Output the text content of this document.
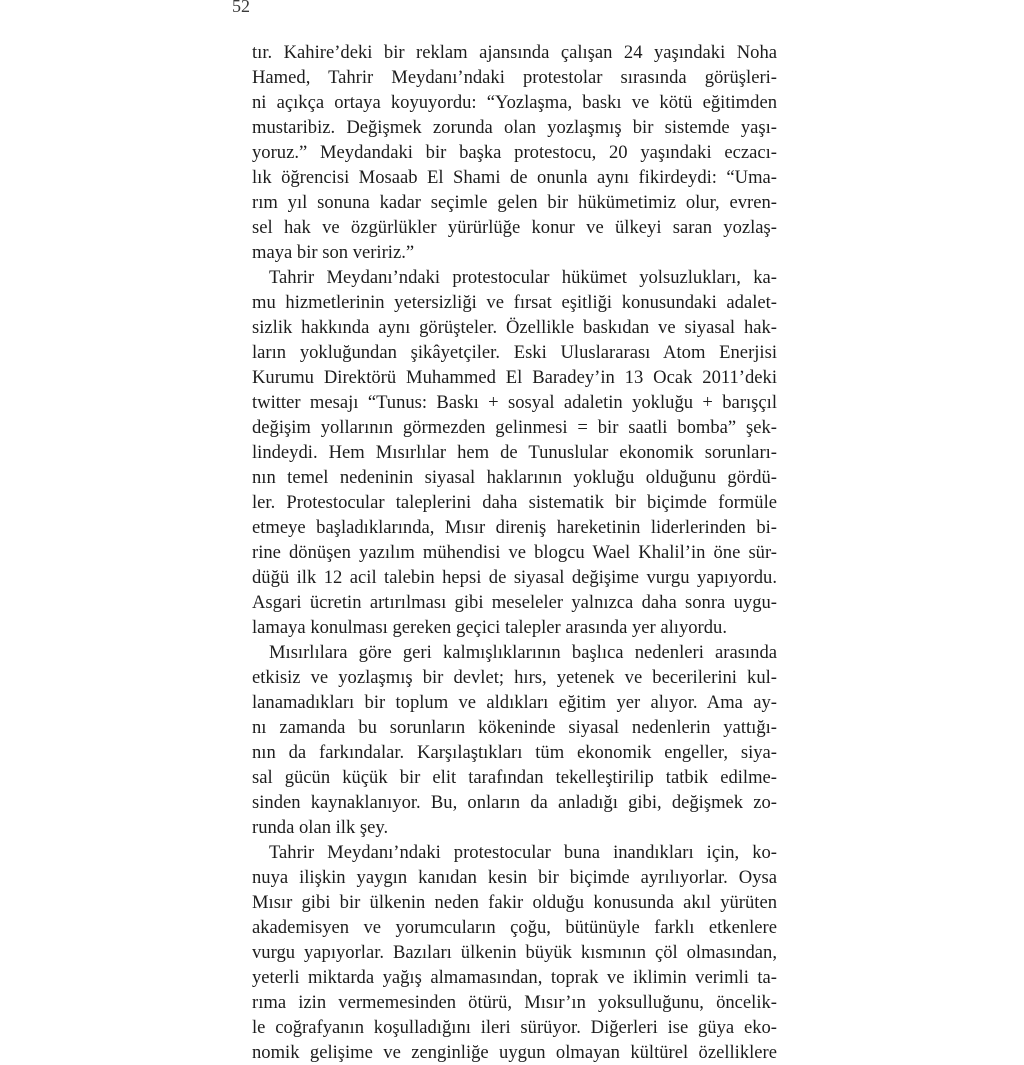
52
tır. Kahire’deki bir reklam ajansında çalışan 24 yaşındaki Noha
Hamed, Tahrir Meydanı’ndaki protestolar sırasında görüşleri-
ni açıkça ortaya koyuyordu: “Yozlaşma, baskı ve kötü eğitimden
mustaribiz. Değişmek zorunda olan yozlaşmış bir sistemde yaşı-
yoruz.” Meydandaki bir başka protestocu, 20 yaşındaki eczacı-
lık öğrencisi Mosaab El Shami de onunla aynı fikirdeydi: “Uma-
rım yıl sonuna kadar seçimle gelen bir hükümetimiz olur, evren-
sel hak ve özgürlükler yürürlüğe konur ve ülkeyi saran yozlaş-
maya bir son veririz.”
Tahrir Meydanı’ndaki protestocular hükümet yolsuzlukları, ka-
mu hizmetlerinin yetersizliği ve fırsat eşitliği konusundaki adalet-
sizlik hakkında aynı görüşteler. Özellikle baskıdan ve siyasal hak-
ların yokluğundan şikâyetçiler. Eski Uluslararası Atom Enerjisi
Kurumu Direktörü Muhammed El Baradey’in 13 Ocak 2011’deki
twitter mesajı “Tunus: Baskı + sosyal adaletin yokluğu + barışçıl
değişim yollarının görmezden gelinmesi = bir saatli bomba” şek-
lindeydi. Hem Mısırlılar hem de Tunuslular ekonomik sorunları-
nın temel nedeninin siyasal haklarının yokluğu olduğunu gördü-
ler. Protestocular taleplerini daha sistematik bir biçimde formüle
etmeye başladıklarında, Mısır direniş hareketinin liderlerinden bi-
rine dönüşen yazılım mühendisi ve blogcu Wael Khalil’in öne sür-
düğü ilk 12 acil talebin hepsi de siyasal değişime vurgu yapıyordu.
Asgari ücretin artırılması gibi meseleler yalnızca daha sonra uygu-
lamaya konulması gereken geçici talepler arasında yer alıyordu.
Mısırlılara göre geri kalmışlıklarının başlıca nedenleri arasında
etkisiz ve yozlaşmış bir devlet; hırs, yetenek ve becerilerini kul-
lanamadıkları bir toplum ve aldıkları eğitim yer alıyor. Ama ay-
nı zamanda bu sorunların kökeninde siyasal nedenlerin yattığı-
nın da farkındalar. Karşılaştıkları tüm ekonomik engeller, siya-
sal gücün küçük bir elit tarafından tekelleştirilip tatbik edilme-
sinden kaynaklanıyor. Bu, onların da anladığı gibi, değişmek zo-
runda olan ilk şey.
Tahrir Meydanı’ndaki protestocular buna inandıkları için, ko-
nuya ilişkin yaygın kanıdan kesin bir biçimde ayrılıyorlar. Oysa
Mısır gibi bir ülkenin neden fakir olduğu konusunda akıl yürüten
akademisyen ve yorumcuların çoğu, bütünüyle farklı etkenlere
vurgu yapıyorlar. Bazıları ülkenin büyük kısmının çöl olmasından,
yeterli miktarda yağış almamasından, toprak ve iklimin verimli ta-
rıma izin vermemesinden ötürü, Mısır’ın yoksulluğunu, öncelik-
le coğrafyanın koşulladığını ileri sürüyor. Diğerleri ise güya eko-
nomik gelişime ve zenginliğe uygun olmayan kültürel özelliklere
